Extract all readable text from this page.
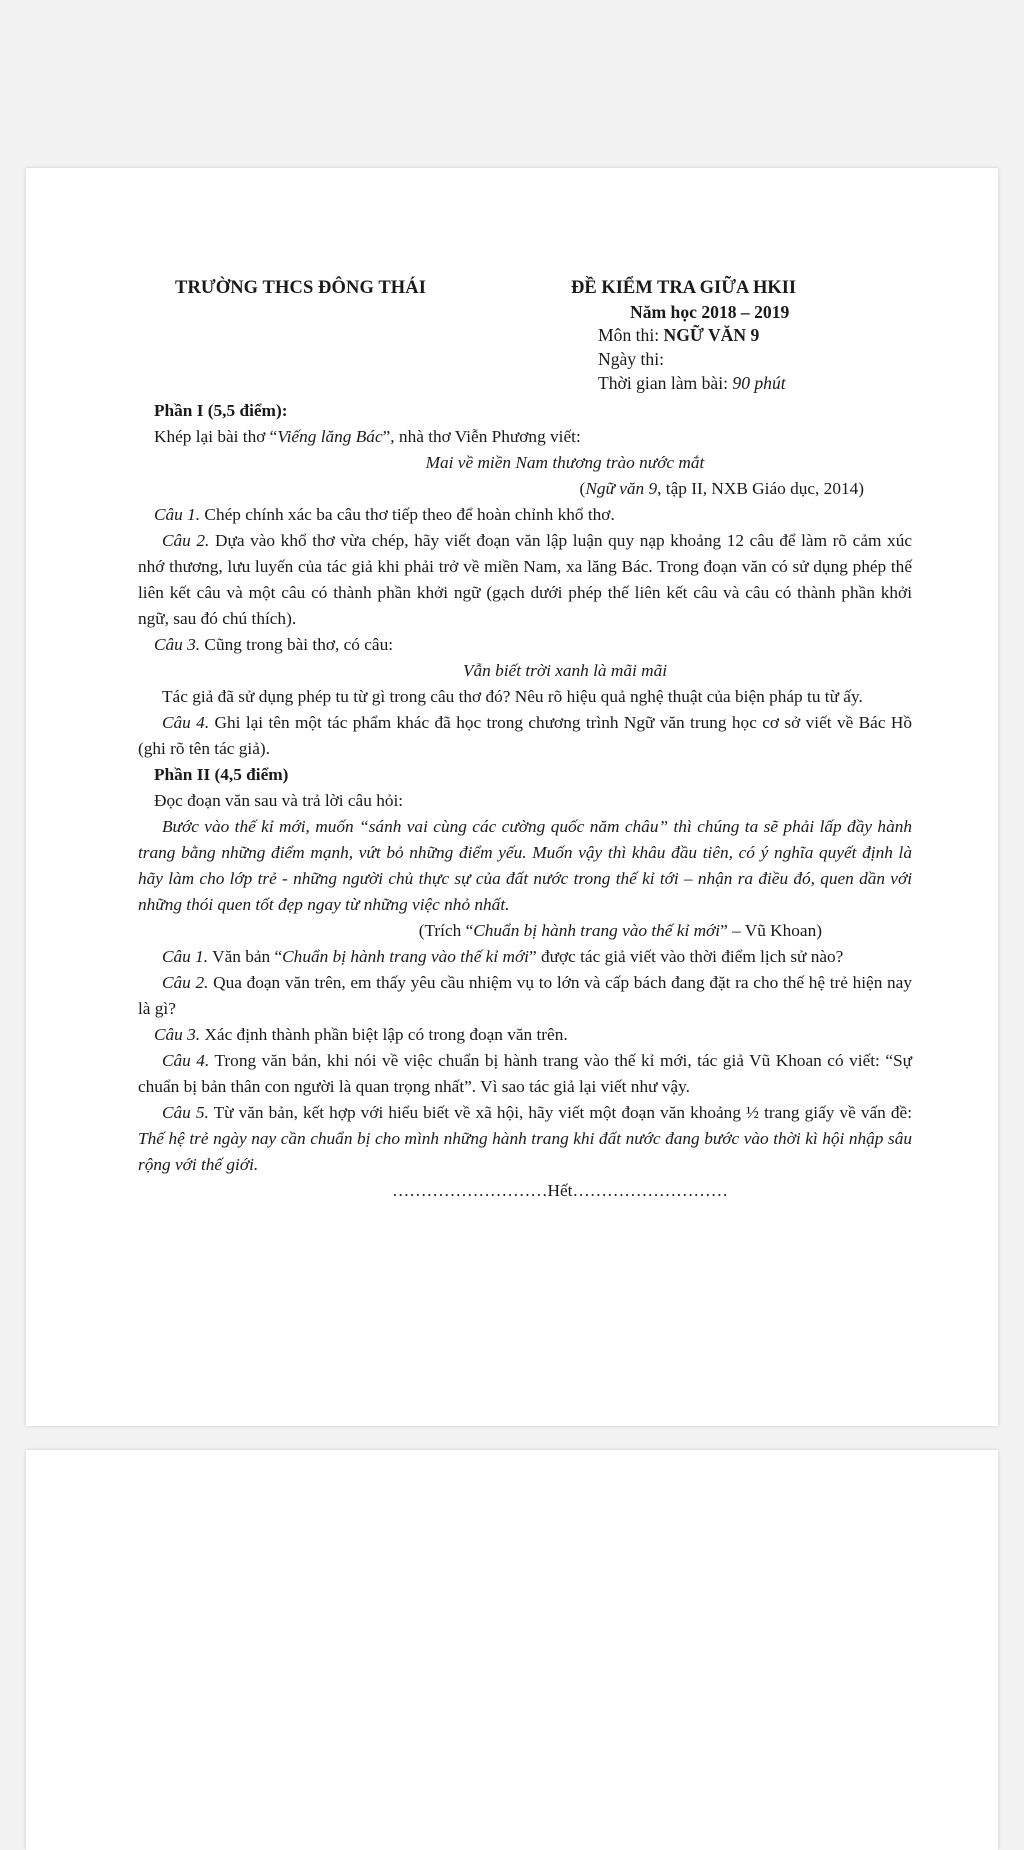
TRƯỜNG THCS ĐÔNG THÁI	ĐỀ KIỂM TRA GIỮA HKII
Năm học 2018 – 2019
Môn thi: NGỮ VĂN 9
Ngày thi:
Thời gian làm bài: 90 phút

Phần I (5,5 điểm):

Khép lại bài thơ “Viếng lăng Bác”, nhà thơ Viễn Phương viết:

Mai về miền Nam thương trào nước mắt

(Ngữ văn 9, tập II, NXB Giáo dục, 2014)

Câu 1. Chép chính xác ba câu thơ tiếp theo để hoàn chỉnh khổ thơ.

Câu 2. Dựa vào khổ thơ vừa chép, hãy viết đoạn văn lập luận quy nạp khoảng 12 câu để làm rõ cảm xúc nhớ thương, lưu luyến của tác giả khi phải trở về miền Nam, xa lăng Bác. Trong đoạn văn có sử dụng phép thế liên kết câu và một câu có thành phần khởi ngữ (gạch dưới phép thế liên kết câu và câu có thành phần khởi ngữ, sau đó chú thích).

Câu 3. Cũng trong bài thơ, có câu:

Vẫn biết trời xanh là mãi mãi

Tác giả đã sử dụng phép tu từ gì trong câu thơ đó? Nêu rõ hiệu quả nghệ thuật của biện pháp tu từ ấy.

Câu 4. Ghi lại tên một tác phẩm khác đã học trong chương trình Ngữ văn trung học cơ sở viết về Bác Hồ (ghi rõ tên tác giả).

Phần II (4,5 điểm)

Đọc đoạn văn sau và trả lời câu hỏi:

Bước vào thế kỉ mới, muốn “sánh vai cùng các cường quốc năm châu” thì chúng ta sẽ phải lấp đầy hành trang bằng những điểm mạnh, vứt bỏ những điểm yếu. Muốn vậy thì khâu đầu tiên, có ý nghĩa quyết định là hãy làm cho lớp trẻ - những người chủ thực sự của đất nước trong thế kỉ tới – nhận ra điều đó, quen dần với những thói quen tốt đẹp ngay từ những việc nhỏ nhất.

(Trích “Chuẩn bị hành trang vào thế kỉ mới” – Vũ Khoan)

Câu 1. Văn bản “Chuẩn bị hành trang vào thế kỉ mới” được tác giả viết vào thời điểm lịch sử nào?

Câu 2. Qua đoạn văn trên, em thấy yêu cầu nhiệm vụ to lớn và cấp bách đang đặt ra cho thế hệ trẻ hiện nay là gì?

Câu 3. Xác định thành phần biệt lập có trong đoạn văn trên.

Câu 4. Trong văn bản, khi nói về việc chuẩn bị hành trang vào thế kỉ mới, tác giả Vũ Khoan có viết: “Sự chuẩn bị bản thân con người là quan trọng nhất”. Vì sao tác giả lại viết như vậy.

Câu 5. Từ văn bản, kết hợp với hiểu biết về xã hội, hãy viết một đoạn văn khoảng ½ trang giấy về vấn đề: Thế hệ trẻ ngày nay cần chuẩn bị cho mình những hành trang khi đất nước đang bước vào thời kì hội nhập sâu rộng với thế giới.

………………………Hết………………………
